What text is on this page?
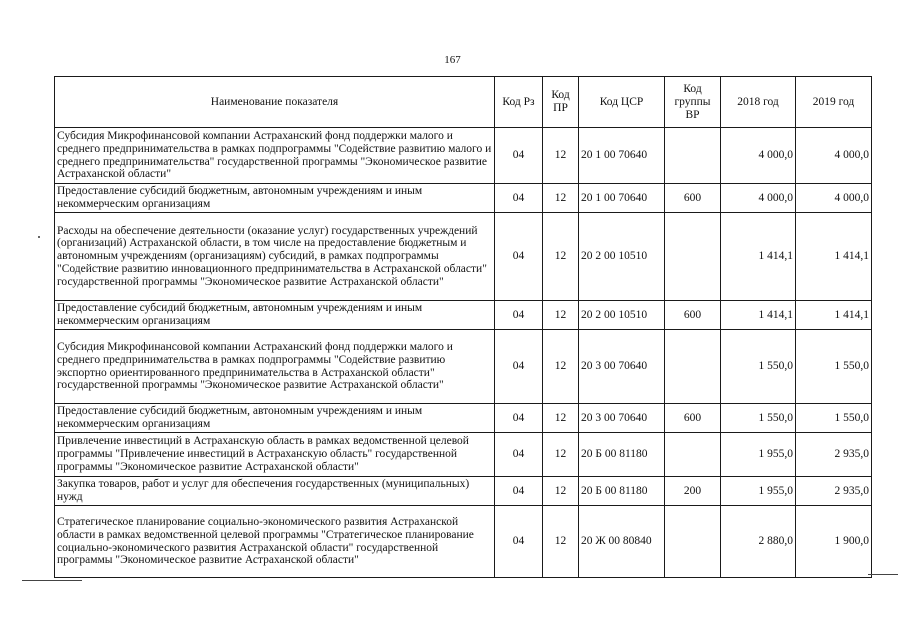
167
Наименование показателя	Код Рз	Код ПР	Код ЦСР	Код группы ВР	2018 год	2019 год
Субсидия Микрофинансовой компании Астраханский фонд поддержки малого и среднего предпринимательства в рамках подпрограммы "Содействие развитию малого и среднего предпринимательства" государственной программы "Экономическое развитие Астраханской области"	04	12	20 1 00 70640		4 000,0	4 000,0
Предоставление субсидий бюджетным, автономным учреждениям и иным некоммерческим организациям	04	12	20 1 00 70640	600	4 000,0	4 000,0
Расходы на обеспечение деятельности (оказание услуг) государственных учреждений (организаций) Астраханской области, в том числе на предоставление бюджетным и автономным учреждениям (организациям) субсидий, в рамках подпрограммы "Содействие развитию инновационного предпринимательства в Астраханской области" государственной программы "Экономическое развитие Астраханской области"	04	12	20 2 00 10510		1 414,1	1 414,1
Предоставление субсидий бюджетным, автономным учреждениям и иным некоммерческим организациям	04	12	20 2 00 10510	600	1 414,1	1 414,1
Субсидия Микрофинансовой компании Астраханский фонд поддержки малого и среднего предпринимательства в рамках подпрограммы "Содействие развитию экспортно ориентированного предпринимательства в Астраханской области" государственной программы "Экономическое развитие Астраханской области"	04	12	20 3 00 70640		1 550,0	1 550,0
Предоставление субсидий бюджетным, автономным учреждениям и иным некоммерческим организациям	04	12	20 3 00 70640	600	1 550,0	1 550,0
Привлечение инвестиций в Астраханскую область в рамках ведомственной целевой программы "Привлечение инвестиций в Астраханскую область" государственной программы "Экономическое развитие Астраханской области"	04	12	20 Б 00 81180		1 955,0	2 935,0
Закупка товаров, работ и услуг для обеспечения государственных (муниципальных) нужд	04	12	20 Б 00 81180	200	1 955,0	2 935,0
Стратегическое планирование социально-экономического развития Астраханской области в рамках ведомственной целевой программы "Стратегическое планирование социально-экономического развития Астраханской области" государственной программы "Экономическое развитие Астраханской области"	04	12	20 Ж 00 80840		2 880,0	1 900,0
